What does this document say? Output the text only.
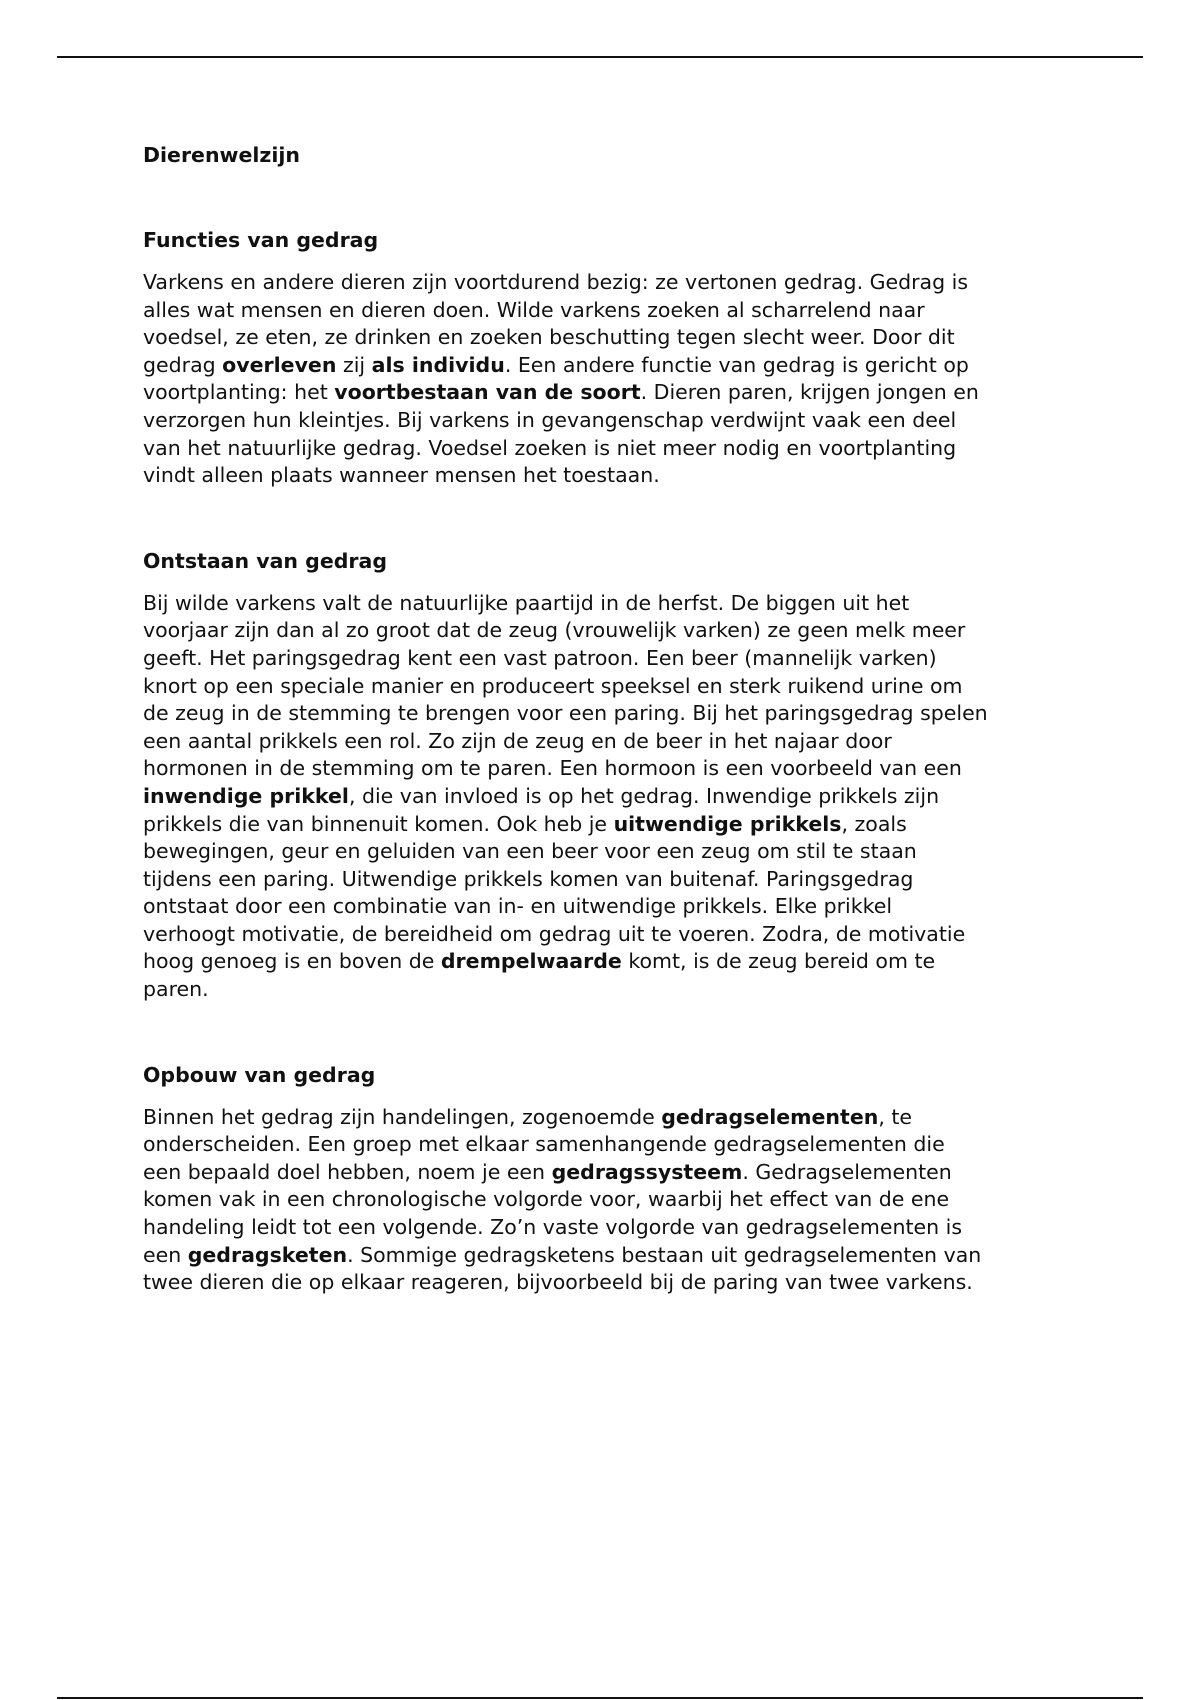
Dierenwelzijn
Functies van gedrag

Varkens en andere dieren zijn voortdurend bezig: ze vertonen gedrag. Gedrag is
alles wat mensen en dieren doen. Wilde varkens zoeken al scharrelend naar
voedsel, ze eten, ze drinken en zoeken beschutting tegen slecht weer. Door dit
gedrag overleven zij als individu. Een andere functie van gedrag is gericht op
voortplanting: het voortbestaan van de soort. Dieren paren, krijgen jongen en
verzorgen hun kleintjes. Bij varkens in gevangenschap verdwijnt vaak een deel
van het natuurlijke gedrag. Voedsel zoeken is niet meer nodig en voortplanting
vindt alleen plaats wanneer mensen het toestaan.

Ontstaan van gedrag

Bij wilde varkens valt de natuurlijke paartijd in de herfst. De biggen uit het
voorjaar zijn dan al zo groot dat de zeug (vrouwelijk varken) ze geen melk meer
geeft. Het paringsgedrag kent een vast patroon. Een beer (mannelijk varken)
knort op een speciale manier en produceert speeksel en sterk ruikend urine om
de zeug in de stemming te brengen voor een paring. Bij het paringsgedrag spelen
een aantal prikkels een rol. Zo zijn de zeug en de beer in het najaar door
hormonen in de stemming om te paren. Een hormoon is een voorbeeld van een
inwendige prikkel, die van invloed is op het gedrag. Inwendige prikkels zijn
prikkels die van binnenuit komen. Ook heb je uitwendige prikkels, zoals
bewegingen, geur en geluiden van een beer voor een zeug om stil te staan
tijdens een paring. Uitwendige prikkels komen van buitenaf. Paringsgedrag
ontstaat door een combinatie van in- en uitwendige prikkels. Elke prikkel
verhoogt motivatie, de bereidheid om gedrag uit te voeren. Zodra, de motivatie
hoog genoeg is en boven de drempelwaarde komt, is de zeug bereid om te
paren.

Opbouw van gedrag

Binnen het gedrag zijn handelingen, zogenoemde gedragselementen, te
onderscheiden. Een groep met elkaar samenhangende gedragselementen die
een bepaald doel hebben, noem je een gedragssysteem. Gedragselementen
komen vak in een chronologische volgorde voor, waarbij het effect van de ene
handeling leidt tot een volgende. Zo’n vaste volgorde van gedragselementen is
een gedragsketen. Sommige gedragsketens bestaan uit gedragselementen van
twee dieren die op elkaar reageren, bijvoorbeeld bij de paring van twee varkens.
